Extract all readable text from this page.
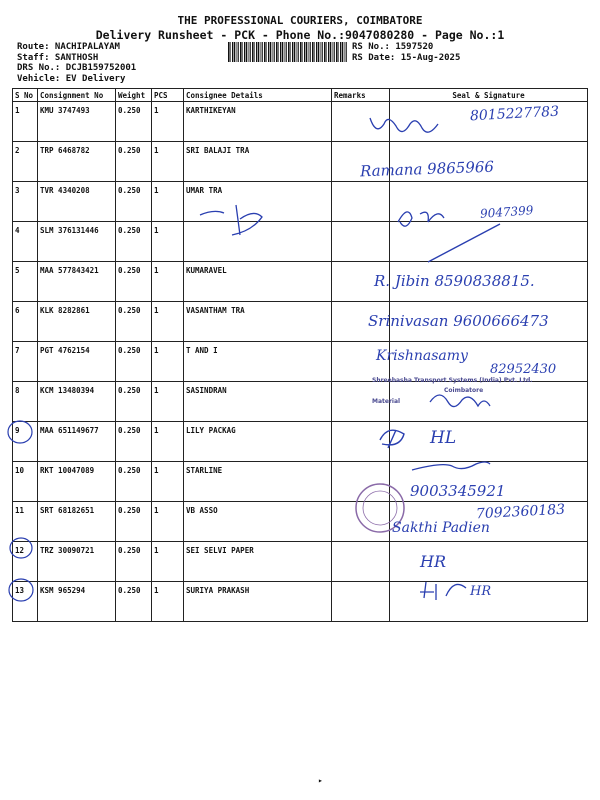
THE PROFESSIONAL COURIERS, COIMBATORE
Delivery Runsheet - PCK - Phone No.:9047080280 - Page No.:1
Route: NACHIPALAYAM
Staff: SANTHOSH
DRS No.: DCJB159752001
Vehicle: EV Delivery
RS No.: 1597520
RS Date: 15-Aug-2025
S No	Consignment No	Weight	PCS	Consignee Details	Remarks	Seal & Signature
1	KMU 3747493	0.250	1	KARTHIKEYAN		
2	TRP 6468782	0.250	1	SRI BALAJI TRA		
3	TVR 4340208	0.250	1	UMAR TRA		
4	SLM 376131446	0.250	1			
5	MAA 577843421	0.250	1	KUMARAVEL		
6	KLK 8282861	0.250	1	VASANTHAM TRA		
7	PGT 4762154	0.250	1	T AND I		
8	KCM 13480394	0.250	1	SASINDRAN		
9	MAA 651149677	0.250	1	LILY PACKAG		
10	RKT 10047089	0.250	1	STARLINE		
11	SRT 68182651	0.250	1	VB ASSO		
12	TRZ 30090721	0.250	1	SEI SELVI PAPER		
13	KSM 965294	0.250	1	SURIYA PRAKASH		
8015227783
Ramana 9865966
9047399
R. Jibin 8590838815.
Srinivasan 9600666473
Krishnasamy
82952430
HL
9003345921
7092360183
Sakthi Padien
HR
HR
Shreebasha Transport Systems (India) Pvt. Ltd.
Coimbatore
Material
▸
